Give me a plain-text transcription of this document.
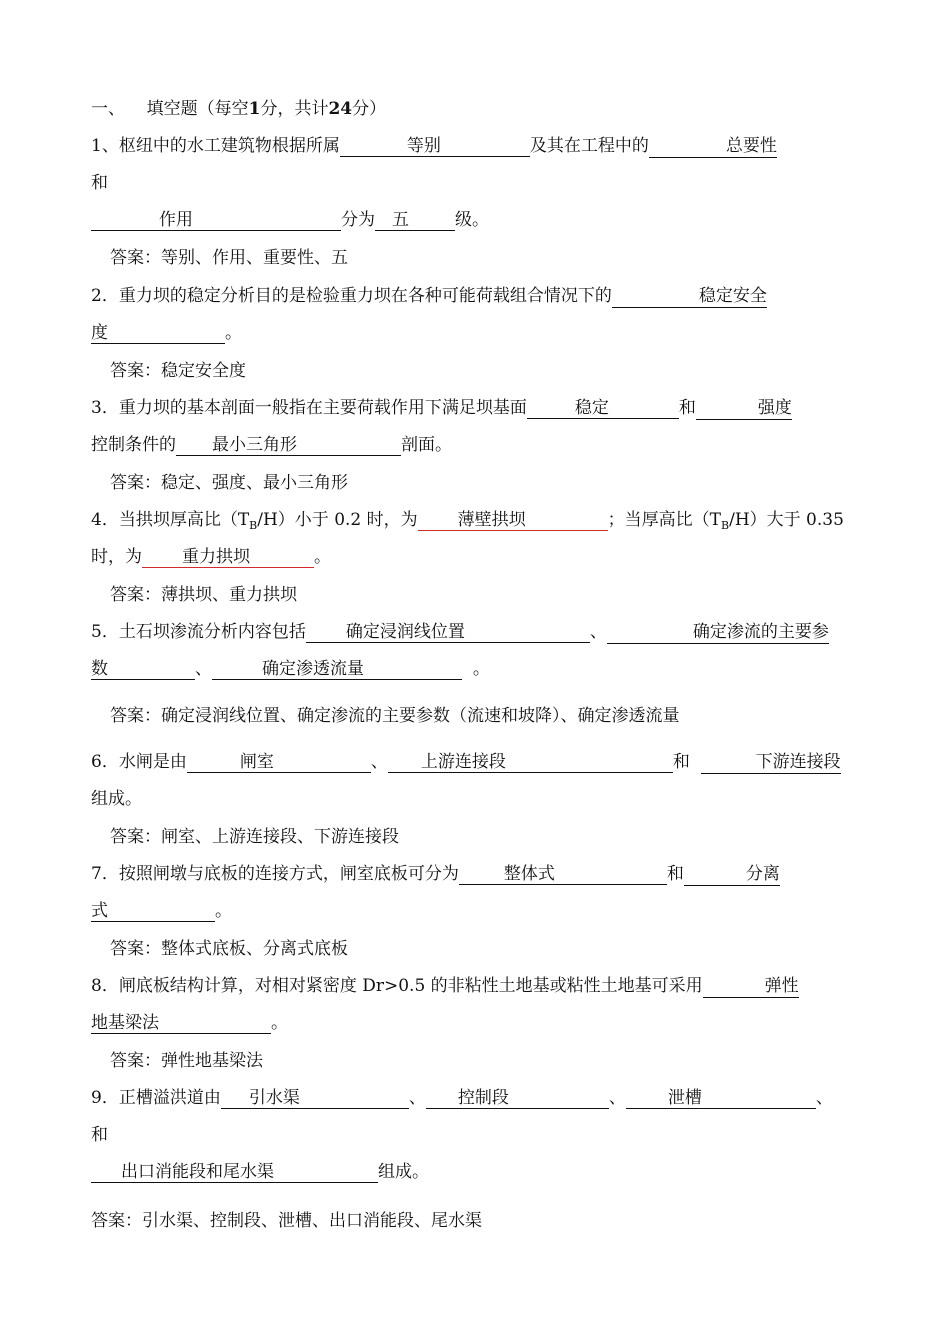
一、 填空题（每空1分，共计24分）
1、枢纽中的水工建筑物根据所属	等别	及其在工程中的	总要性
和
作用	分为 五	级。
答案：等别、作用、重要性、五
2．重力坝的稳定分析目的是检验重力坝在各种可能荷载组合情况下的	稳定安全
度	。
答案：稳定安全度
3．重力坝的基本剖面一般指在主要荷载作用下满足坝基面	稳定	和	强度
控制条件的 最小三角形	剖面。
答案：稳定、强度、最小三角形
4．当拱坝厚高比$(T_B/H)$小于 0.2 时，为 薄壁拱坝	；当厚高比$(T_B/H)$大于 0.35
时，为 重力拱坝	。
答案：薄拱坝、重力拱坝
5．土石坝渗流分析内容包括 确定浸润线位置	、	确定渗流的主要参
数	、	确定渗透流量	。
答案：确定浸润线位置、确定渗流的主要参数（流速和坡降）、确定渗透流量
6．水闸是由	闸室	、 上游连接段	和	下游连接段
组成。
答案：闸室、上游连接段、下游连接段
7．按照闸墩与底板的连接方式，闸室底板可分为	整体式	和	分离
式	。
答案：整体式底板、分离式底板
8．闸底板结构计算，对相对紧密度 Dr>0.5 的非粘性土地基或粘性土地基可采用	弹性
地基梁法	。
答案：弹性地基梁法
9．正槽溢洪道由 引水渠	、 控制段	、 泄槽	、
和
出口消能段和尾水渠	组成。
答案：引水渠、控制段、泄槽、出口消能段、尾水渠
